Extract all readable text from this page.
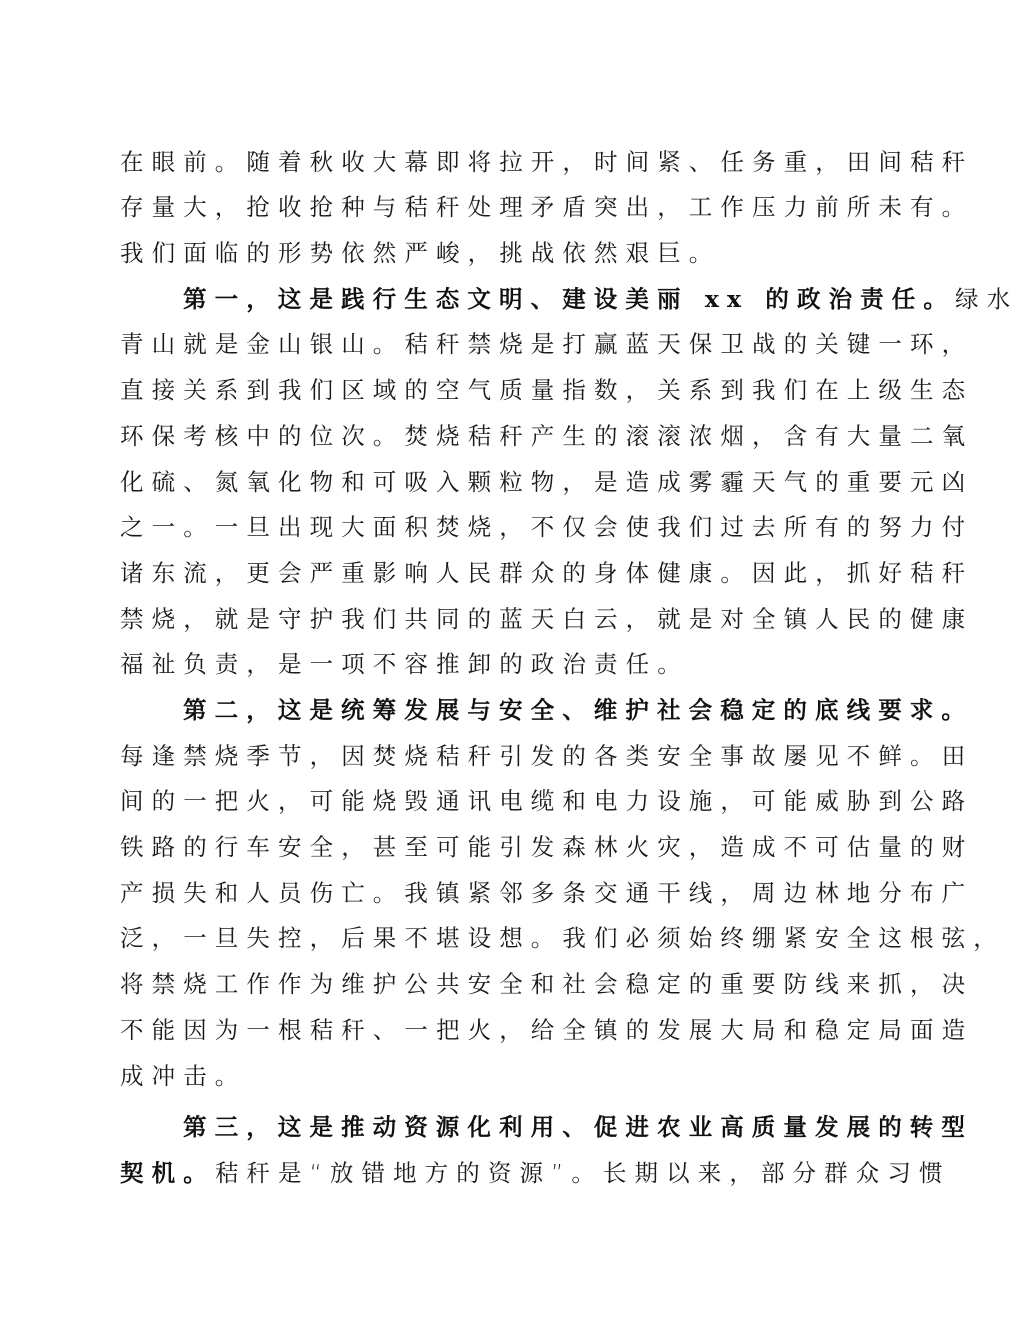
在眼前。随着秋收大幕即将拉开，时间紧、任务重，田间秸秆
存量大，抢收抢种与秸秆处理矛盾突出，工作压力前所未有。
我们面临的形势依然严峻，挑战依然艰巨。
第一，这是践行生态文明、建设美丽 xx 的政治责任。绿水
青山就是金山银山。秸秆禁烧是打赢蓝天保卫战的关键一环，
直接关系到我们区域的空气质量指数，关系到我们在上级生态
环保考核中的位次。焚烧秸秆产生的滚滚浓烟，含有大量二氧
化硫、氮氧化物和可吸入颗粒物，是造成雾霾天气的重要元凶
之一。一旦出现大面积焚烧，不仅会使我们过去所有的努力付
诸东流，更会严重影响人民群众的身体健康。因此，抓好秸秆
禁烧，就是守护我们共同的蓝天白云，就是对全镇人民的健康
福祉负责，是一项不容推卸的政治责任。
第二，这是统筹发展与安全、维护社会稳定的底线要求。
每逢禁烧季节，因焚烧秸秆引发的各类安全事故屡见不鲜。田
间的一把火，可能烧毁通讯电缆和电力设施，可能威胁到公路
铁路的行车安全，甚至可能引发森林火灾，造成不可估量的财
产损失和人员伤亡。我镇紧邻多条交通干线，周边林地分布广
泛，一旦失控，后果不堪设想。我们必须始终绷紧安全这根弦，
将禁烧工作作为维护公共安全和社会稳定的重要防线来抓，决
不能因为一根秸秆、一把火，给全镇的发展大局和稳定局面造
成冲击。
第三，这是推动资源化利用、促进农业高质量发展的转型
契机。秸秆是“放错地方的资源”。长期以来，部分群众习惯
